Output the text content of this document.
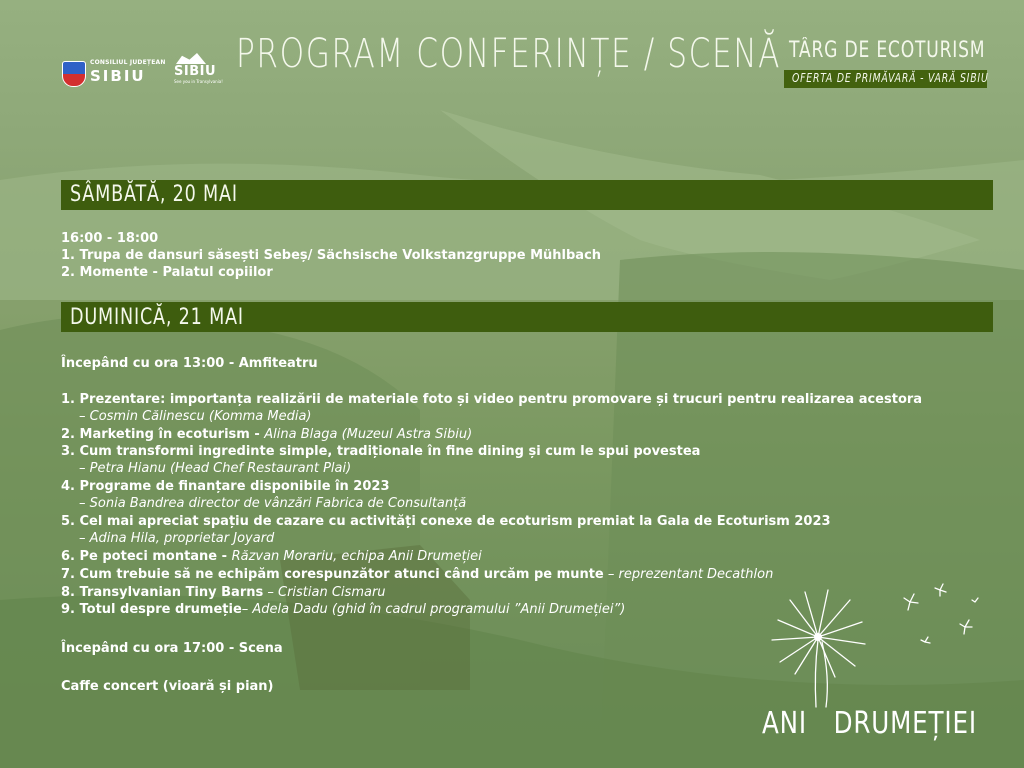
CONSILIUL JUDEȚEAN
SIBIU SIBIU
See you in Transylvania!
PROGRAM CONFERINȚE / SCENĂ TÂRG DE ECOTURISM
OFERTA DE PRIMĂVARĂ - VARĂ SIBIU
SÂMBĂTĂ, 20 MAI
16:00 - 18:00
1. Trupa de dansuri săsești Sebeș/ Sächsische Volkstanzgruppe Mühlbach
2. Momente - Palatul copiilor
DUMINICĂ, 21 MAI
Începând cu ora 13:00 - Amfiteatru
1. Prezentare: importanța realizării de materiale foto și video pentru promovare și trucuri pentru realizarea acestora
– Cosmin Călinescu (Komma Media)
2. Marketing în ecoturism - Alina Blaga (Muzeul Astra Sibiu)
3. Cum transformi ingredinte simple, tradiționale în fine dining și cum le spui povestea
– Petra Hianu (Head Chef Restaurant Plai)
4. Programe de finanțare disponibile în 2023
– Sonia Bandrea director de vânzări Fabrica de Consultanță
5. Cel mai apreciat spațiu de cazare cu activități conexe de ecoturism premiat la Gala de Ecoturism 2023
– Adina Hila, proprietar Joyard
6. Pe poteci montane - Răzvan Morariu, echipa Anii Drumeției
7. Cum trebuie să ne echipăm corespunzător atunci când urcăm pe munte – reprezentant Decathlon
8. Transylvanian Tiny Barns – Cristian Cismaru
9. Totul despre drumeție– Adela Dadu (ghid în cadrul programului ”Anii Drumeției”)
Începând cu ora 17:00 - Scena
Caffe concert (vioară și pian)
ANI DRUMEȚIEI
